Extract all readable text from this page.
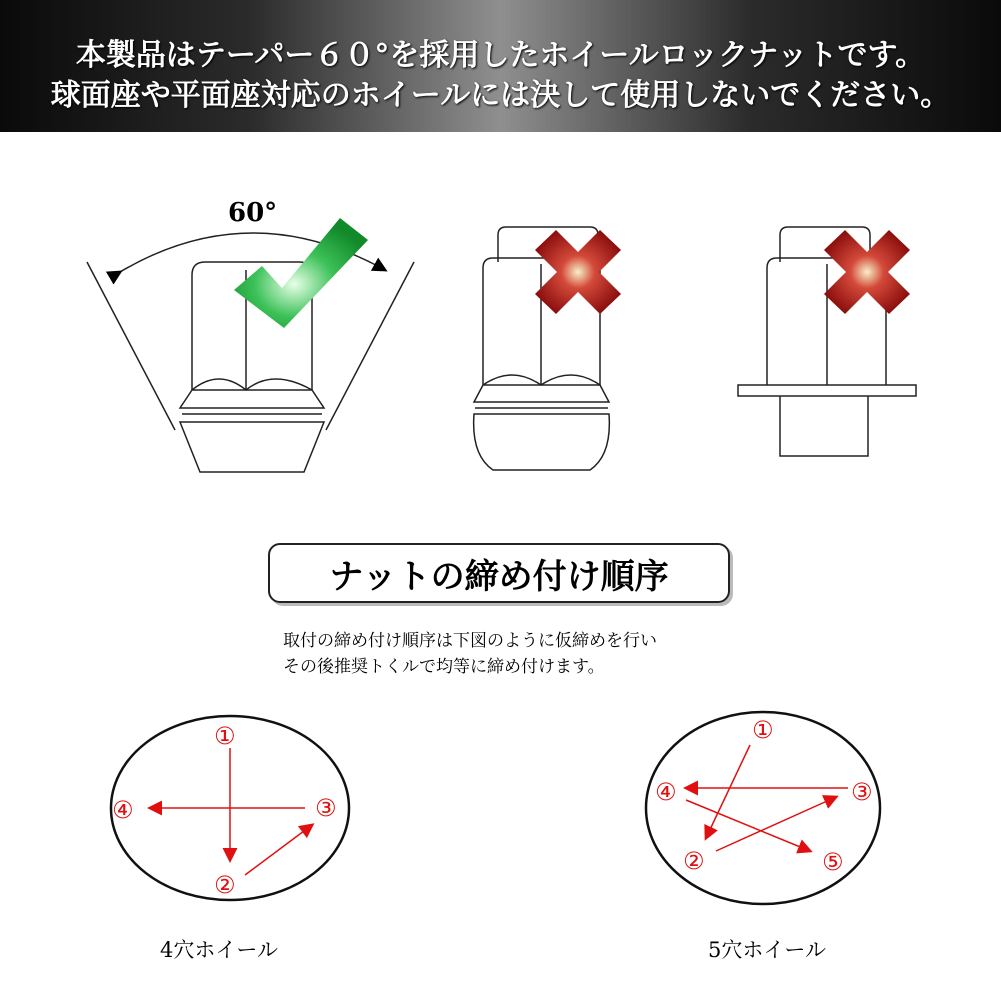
本製品はテーパー６０°を採用したホイールロックナットです。
球面座や平面座対応のホイールには決して使用しないでください。
60°
ナットの締め付け順序
取付の締め付け順序は下図のように仮締めを行い
その後推奨トくルで均等に締め付けます。
①
②
③
④
①
②
③
④
⑤
4穴ホイール	5穴ホイール
